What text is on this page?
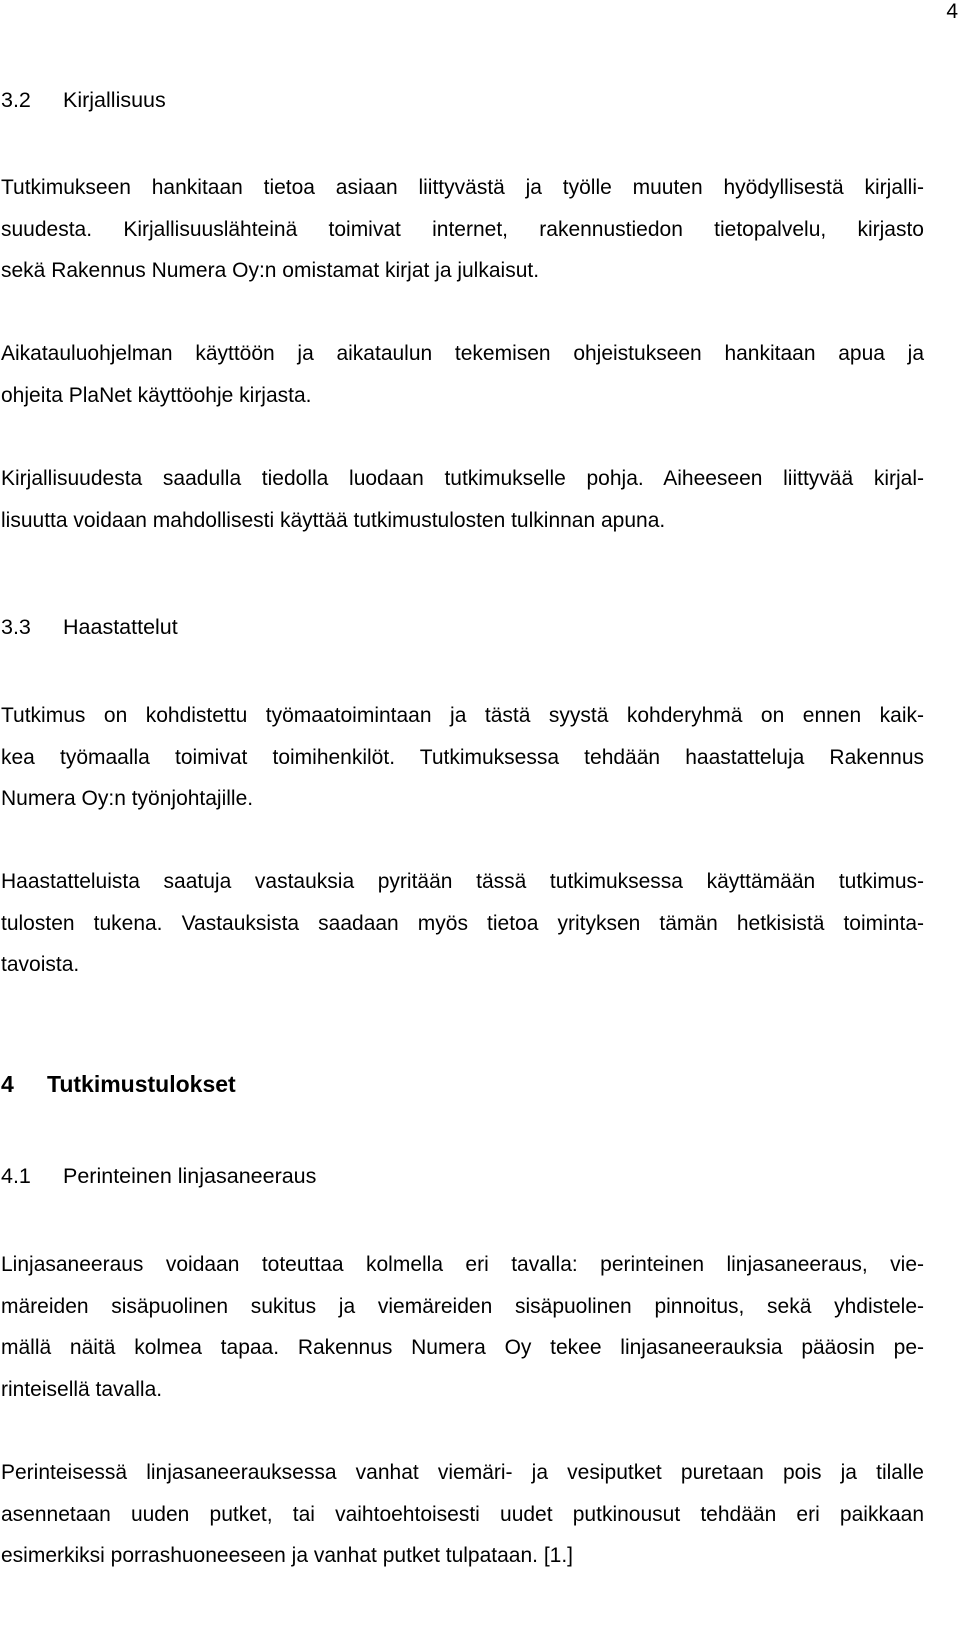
4
3.2 Kirjallisuus
Tutkimukseen hankitaan tietoa asiaan liittyvästä ja työlle muuten hyödyllisestä kirjalli-
suudesta. Kirjallisuuslähteinä toimivat internet, rakennustiedon tietopalvelu, kirjasto
sekä Rakennus Numera Oy:n omistamat kirjat ja julkaisut.
Aikatauluohjelman käyttöön ja aikataulun tekemisen ohjeistukseen hankitaan apua ja
ohjeita PlaNet käyttöohje kirjasta.
Kirjallisuudesta saadulla tiedolla luodaan tutkimukselle pohja. Aiheeseen liittyvää kirjal-
lisuutta voidaan mahdollisesti käyttää tutkimustulosten tulkinnan apuna.
3.3 Haastattelut
Tutkimus on kohdistettu työmaatoimintaan ja tästä syystä kohderyhmä on ennen kaik-
kea työmaalla toimivat toimihenkilöt. Tutkimuksessa tehdään haastatteluja Rakennus
Numera Oy:n työnjohtajille.
Haastatteluista saatuja vastauksia pyritään tässä tutkimuksessa käyttämään tutkimus-
tulosten tukena. Vastauksista saadaan myös tietoa yrityksen tämän hetkisistä toiminta-
tavoista.
4 Tutkimustulokset
4.1 Perinteinen linjasaneeraus
Linjasaneeraus voidaan toteuttaa kolmella eri tavalla: perinteinen linjasaneeraus, vie-
märeiden sisäpuolinen sukitus ja viemäreiden sisäpuolinen pinnoitus, sekä yhdistele-
mällä näitä kolmea tapaa. Rakennus Numera Oy tekee linjasaneerauksia pääosin pe-
rinteisellä tavalla.
Perinteisessä linjasaneerauksessa vanhat viemäri- ja vesiputket puretaan pois ja tilalle
asennetaan uuden putket, tai vaihtoehtoisesti uudet putkinousut tehdään eri paikkaan
esimerkiksi porrashuoneeseen ja vanhat putket tulpataan. [1.]
